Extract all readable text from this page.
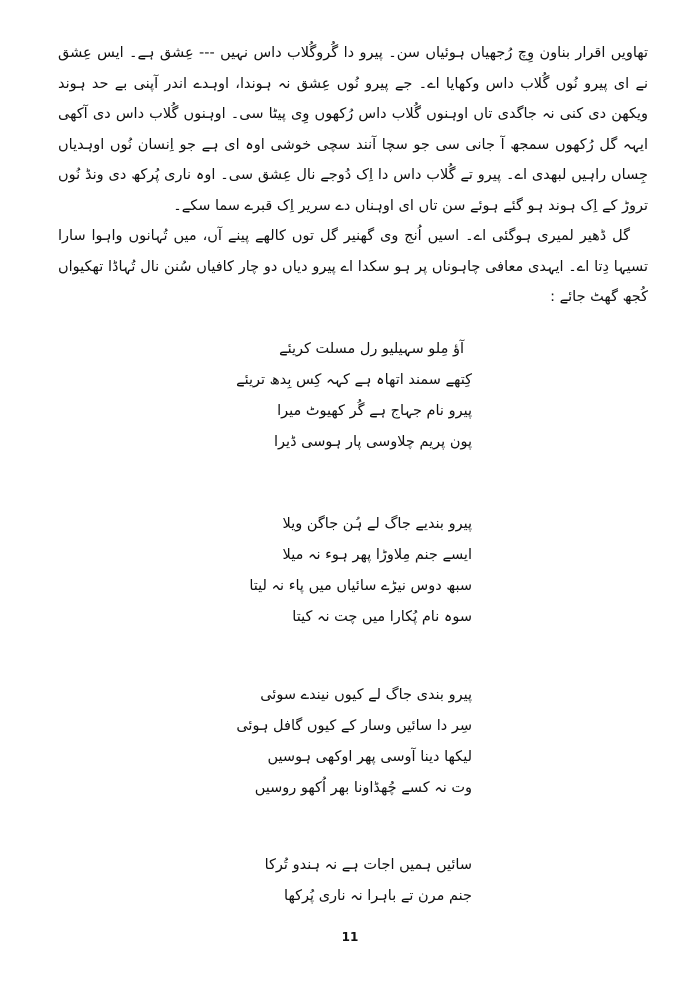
تھاویں اقرار بناون وِچ رُجھیاں ہوئیاں سن۔ پیرو دا گُروگُلاب داس نہیں --- عِشق ہے۔ ایس عِشق نے ای پیرو نُوں گُلاب داس وکھایا اے۔ جے پیرو نُوں عِشق نہ ہوندا، اوہدے اندر آپنی بے حد ہوند ویکھن دی کنی نہ جاگدی تاں اوہنوں گُلاب داس رُکھوں وِی پیٹا سی۔ اوہنوں گُلاب داس دی آکھی ایہہ گل رُکھوں سمجھ آ جانی سی جو سچا آنند سچی خوشی اوہ ای ہے جو اِنسان نُوں اوہدیاں جِساں راہیں لبھدی اے۔ پیرو تے گُلاب داس دا اِک دُوجے نال عِشق سی۔ اوہ ناری پُرکھ دی ونڈ نُوں تروڑ کے اِک ہوند ہو گئے ہوئے سن تاں ای اوہناں دے سریر اِک قبرے سما سکے۔

گل ڈھیر لمیری ہوگئی اے۔ اسیں اُنج وی گھنیر گل توں کالھے پینے آں، میں تُہانوں واہوا سارا تسیہا دِتا اے۔ ایہدی معافی چاہوناں پر ہو سکدا اے پیرو دیاں دو چار کافیاں سُنن نال تُہاڈا تھکیواں کُجھ گھٹ جائے :

آؤ مِلو سہیلیو رل مسلت کریئے
کِتھے سمند اتھاہ ہے کہہ کِس بِدھ تریئے
پیرو نام جہاج ہے گُر کھیوٹ میرا
پون پریم چلاوسی پار ہوسی ڈیرا
پیرو بندیے جاگ لے ہُن جاگن ویلا
ایسے جنم مِلاوڑا پھر ہوء نہ میلا
سبھ دوس نیڑے سائیاں میں پاء نہ لیتا
سوہ نام پُکارا میں چت نہ کیتا
پیرو بندی جاگ لے کیوں نیندے سوئی
سِر دا سائیں وسار کے کیوں گافل ہوئی
لیکھا دینا آوسی پھر اوکھی ہوسیں
وت نہ کسے چُھڈاونا بھر اُکھو روسیں
سائیں ہمیں اجات ہے نہ ہندو تُرکا
جنم مرن تے باہرا نہ ناری پُرکھا
11
